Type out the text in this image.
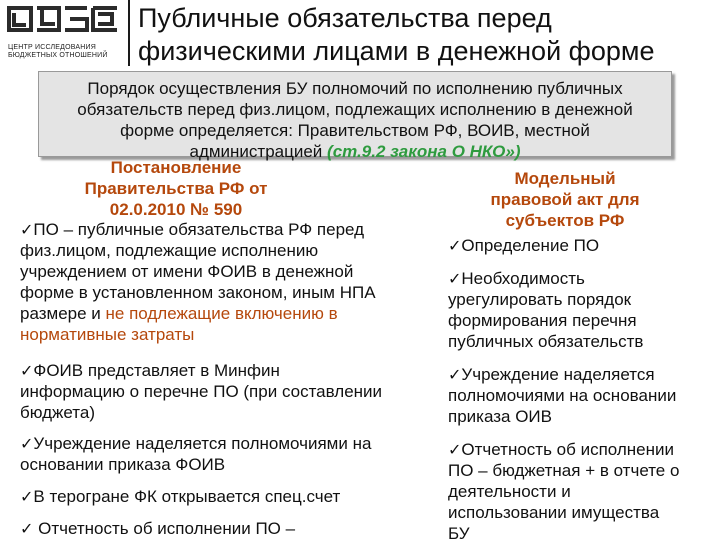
ЦЕНТР ИССЛЕДОВАНИЯ
БЮДЖЕТНЫХ ОТНОШЕНИЙ
Публичные обязательства перед
физическими лицами в денежной форме
Порядок осуществления БУ полномочий по исполнению публичных
обязательств перед физ.лицом, подлежащих исполнению в денежной
форме определяется: Правительством РФ, ВОИВ, местной
администрацией (ст.9.2 закона О НКО»)
Постановление
Правительства РФ от
02.0.2010 № 590
✓ПО – публичные обязательства РФ перед
физ.лицом, подлежащие исполнению
учреждением от имени ФОИВ в денежной
форме в установленном законом, иным НПА
размере и не подлежащие включению в
нормативные затраты
✓ФОИВ представляет в Минфин
информацию о перечне ПО (при составлении
бюджета)
✓Учреждение наделяется полномочиями на
основании приказа ФОИВ
✓В терогране ФК открывается спец.счет
✓ Отчетность об исполнении ПО –
Модельный
правовой акт для
субъектов РФ
✓Определение ПО
✓Необходимость
урегулировать порядок
формирования перечня
публичных обязательств
✓Учреждение наделяется
полномочиями на основании
приказа ОИВ
✓Отчетность об исполнении
ПО – бюджетная + в отчете о
деятельности и
использовании имущества
БУ
